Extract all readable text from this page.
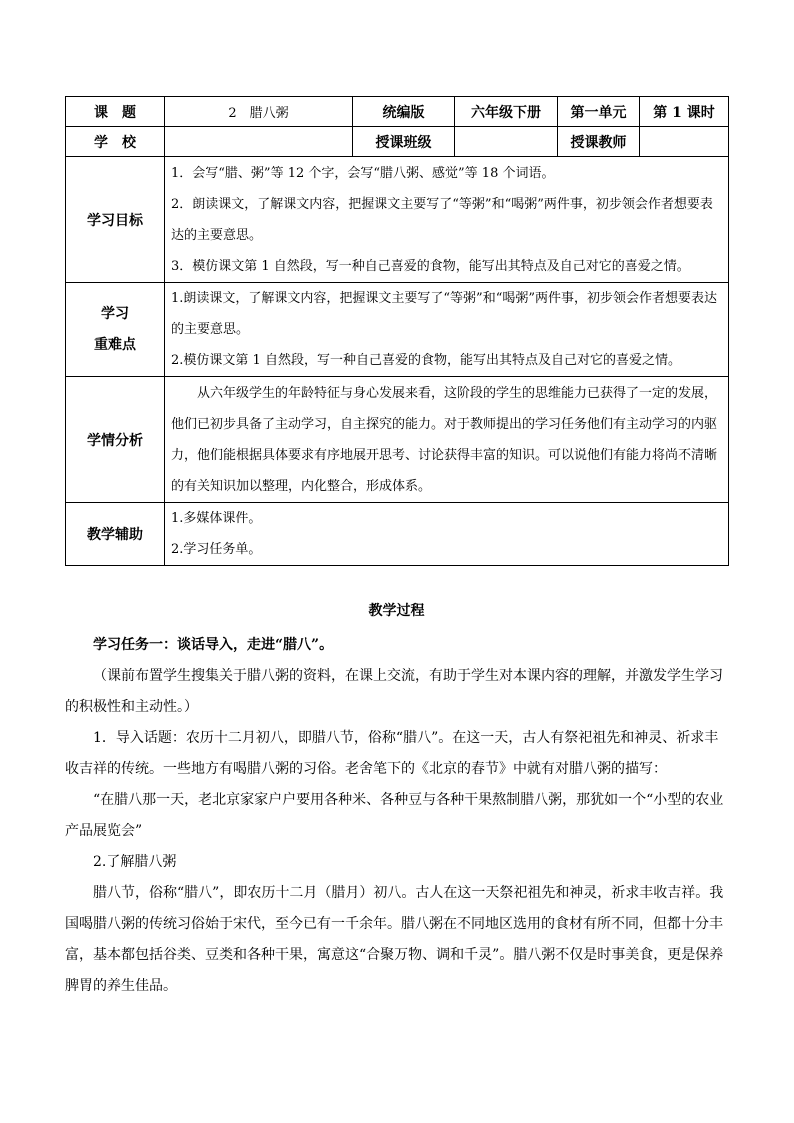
课　题	2　腊八粥	统编版	六年级下册	第一单元	第 1 课时
学　校		授课班级		授课教师	
学习目标	1．会写“腊、粥”等 12 个字，会写“腊八粥、感觉”等 18 个词语。
2．朗读课文，了解课文内容，把握课文主要写了“等粥”和“喝粥”两件事，初步领会作者想要表达的主要意思。
3．模仿课文第 1 自然段，写一种自己喜爱的食物，能写出其特点及自己对它的喜爱之情。				

学习
重难点	1.朗读课文，了解课文内容，把握课文主要写了“等粥”和“喝粥”两件事，初步领会作者想要表达的主要意思。
2.模仿课文第 1 自然段，写一种自己喜爱的食物，能写出其特点及自己对它的喜爱之情。				

学情分析	从六年级学生的年龄特征与身心发展来看，这阶段的学生的思维能力已获得了一定的发展，他们已初步具备了主动学习，自主探究的能力。对于教师提出的学习任务他们有主动学习的内驱力，他们能根据具体要求有序地展开思考、讨论获得丰富的知识。可以说他们有能力将尚不清晰的有关知识加以整理，内化整合，形成体系。				
教学辅助	1.多媒体课件。
2.学习任务单。				

教学过程

学习任务一：谈话导入，走进“腊八”。

（课前布置学生搜集关于腊八粥的资料，在课上交流，有助于学生对本课内容的理解，并激发学生学习的积极性和主动性。）

1．导入话题：农历十二月初八，即腊八节，俗称“腊八”。在这一天，古人有祭祀祖先和神灵、祈求丰收吉祥的传统。一些地方有喝腊八粥的习俗。老舍笔下的《北京的春节》中就有对腊八粥的描写：

“在腊八那一天，老北京家家户户要用各种米、各种豆与各种干果熬制腊八粥，那犹如一个“小型的农业产品展览会”

2.了解腊八粥

腊八节，俗称“腊八”，即农历十二月（腊月）初八。古人在这一天祭祀祖先和神灵，祈求丰收吉祥。我国喝腊八粥的传统习俗始于宋代，至今已有一千余年。腊八粥在不同地区选用的食材有所不同，但都十分丰富，基本都包括谷类、豆类和各种干果，寓意这“合聚万物、调和千灵”。腊八粥不仅是时事美食，更是保养脾胃的养生佳品。
